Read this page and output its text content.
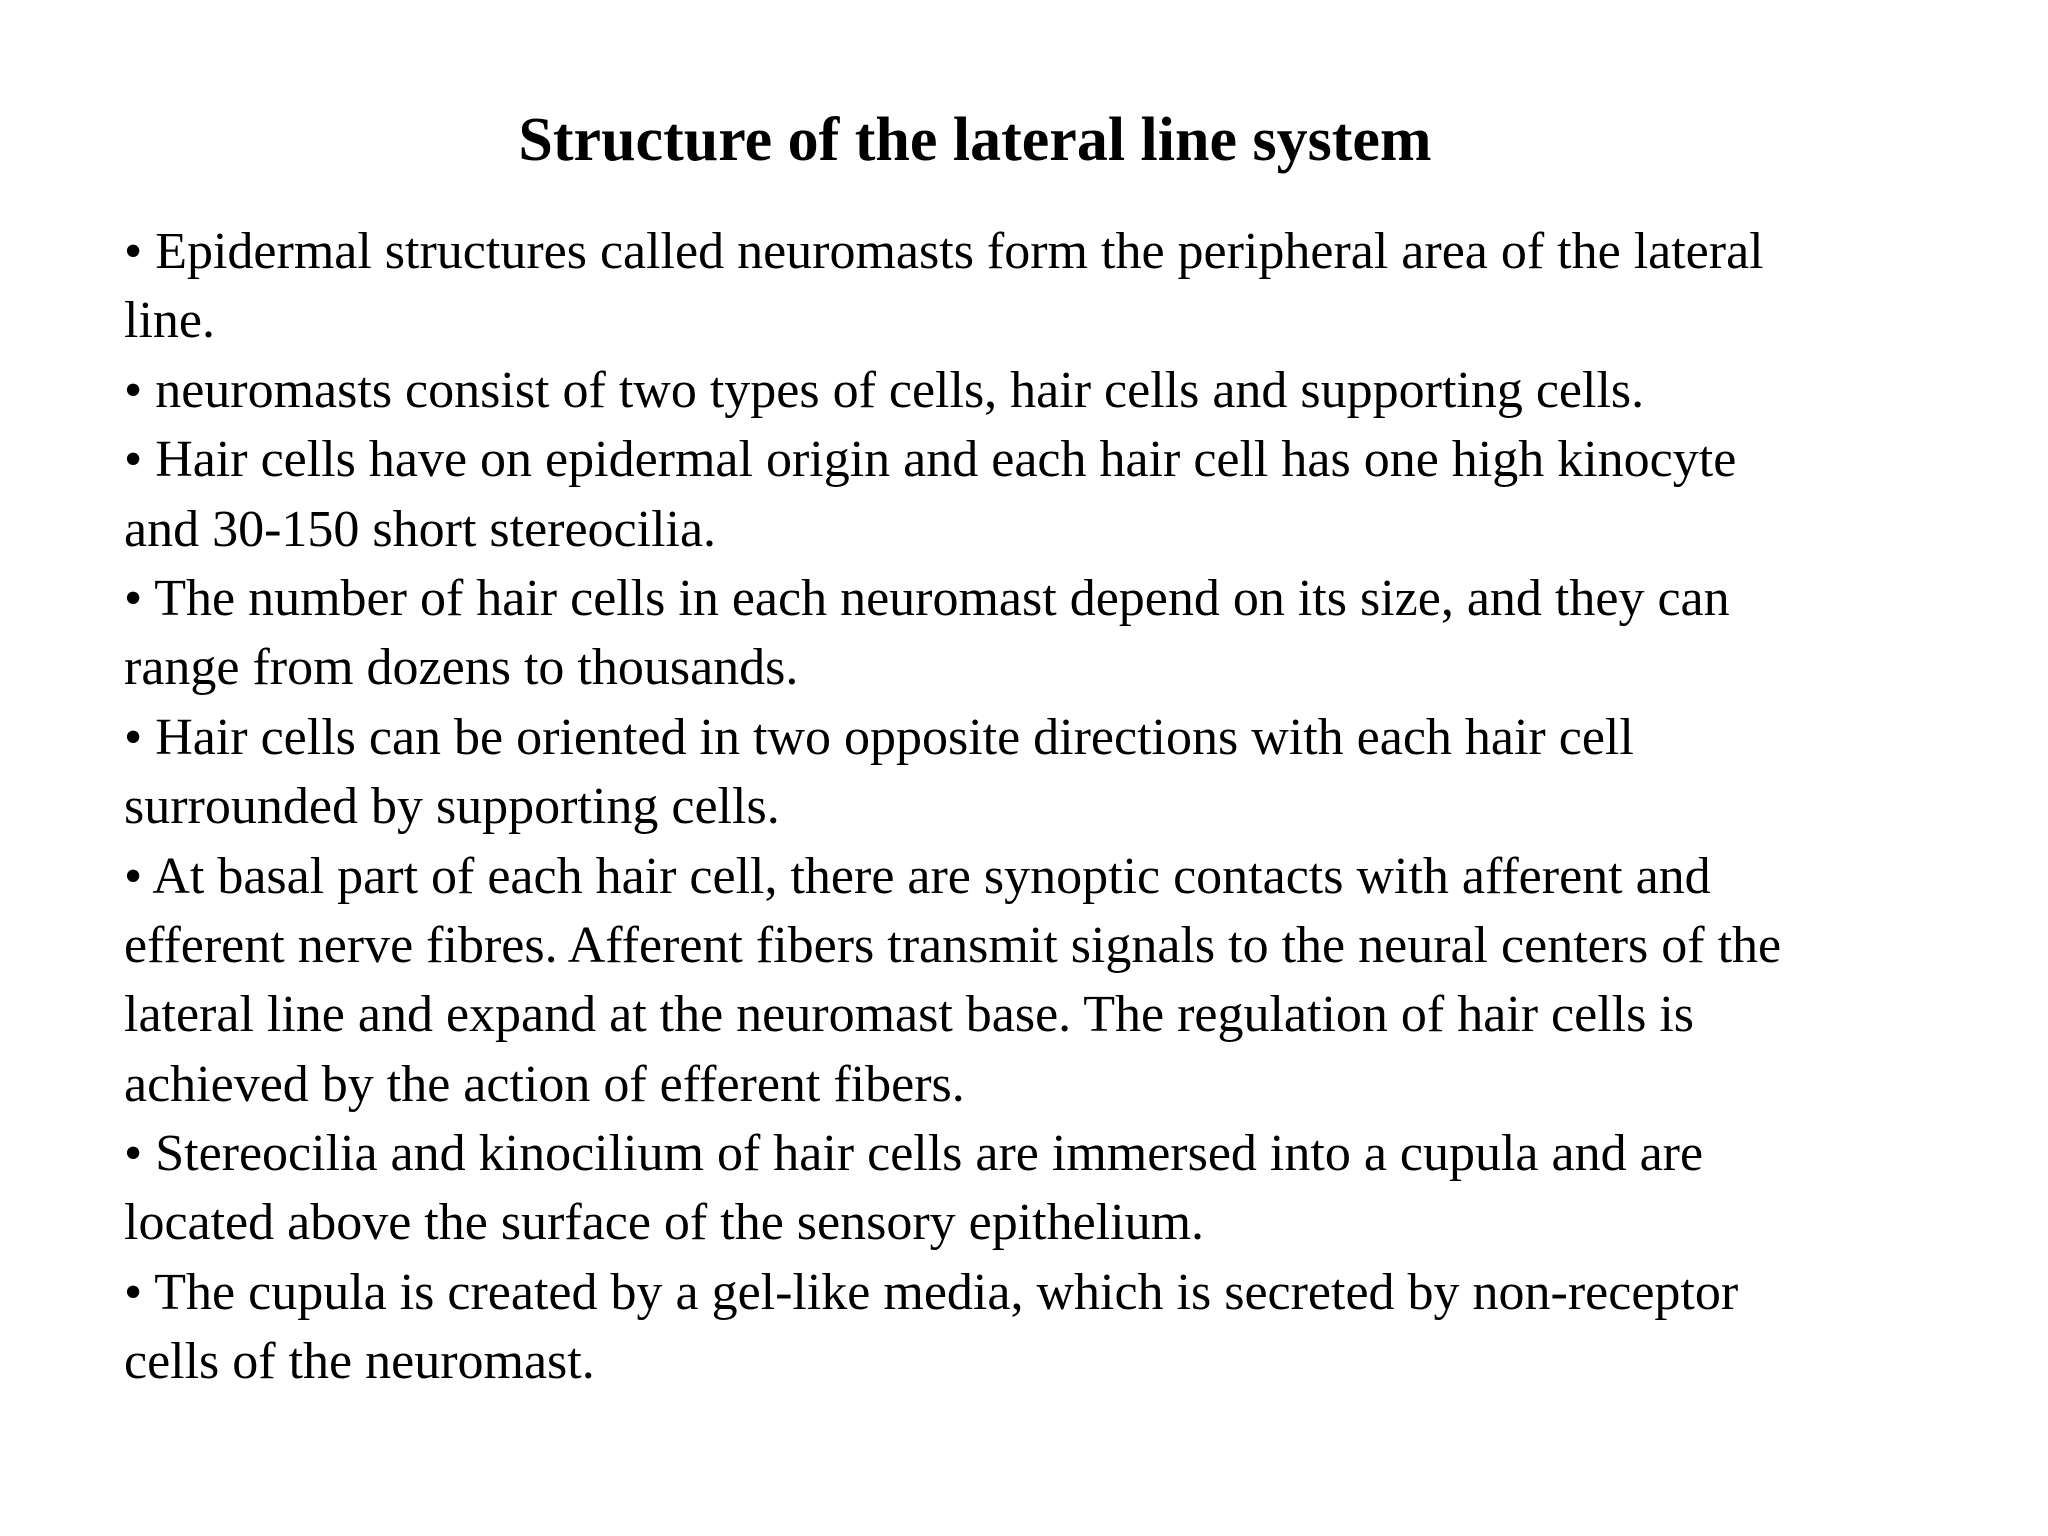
Structure of the lateral line system
• Epidermal structures called neuromasts form the peripheral area of the lateral
line.
• neuromasts consist of two types of cells, hair cells and supporting cells.
• Hair cells have on epidermal origin and each hair cell has one high kinocyte
and 30-150 short stereocilia.
• The number of hair cells in each neuromast depend on its size, and they can
range from dozens to thousands.
• Hair cells can be oriented in two opposite directions with each hair cell
surrounded by supporting cells.
• At basal part of each hair cell, there are synoptic contacts with afferent and
efferent nerve fibres. Afferent fibers transmit signals to the neural centers of the
lateral line and expand at the neuromast base. The regulation of hair cells is
achieved by the action of efferent fibers.
• Stereocilia and kinocilium of hair cells are immersed into a cupula and are
located above the surface of the sensory epithelium.
• The cupula is created by a gel-like media, which is secreted by non-receptor
cells of the neuromast.
